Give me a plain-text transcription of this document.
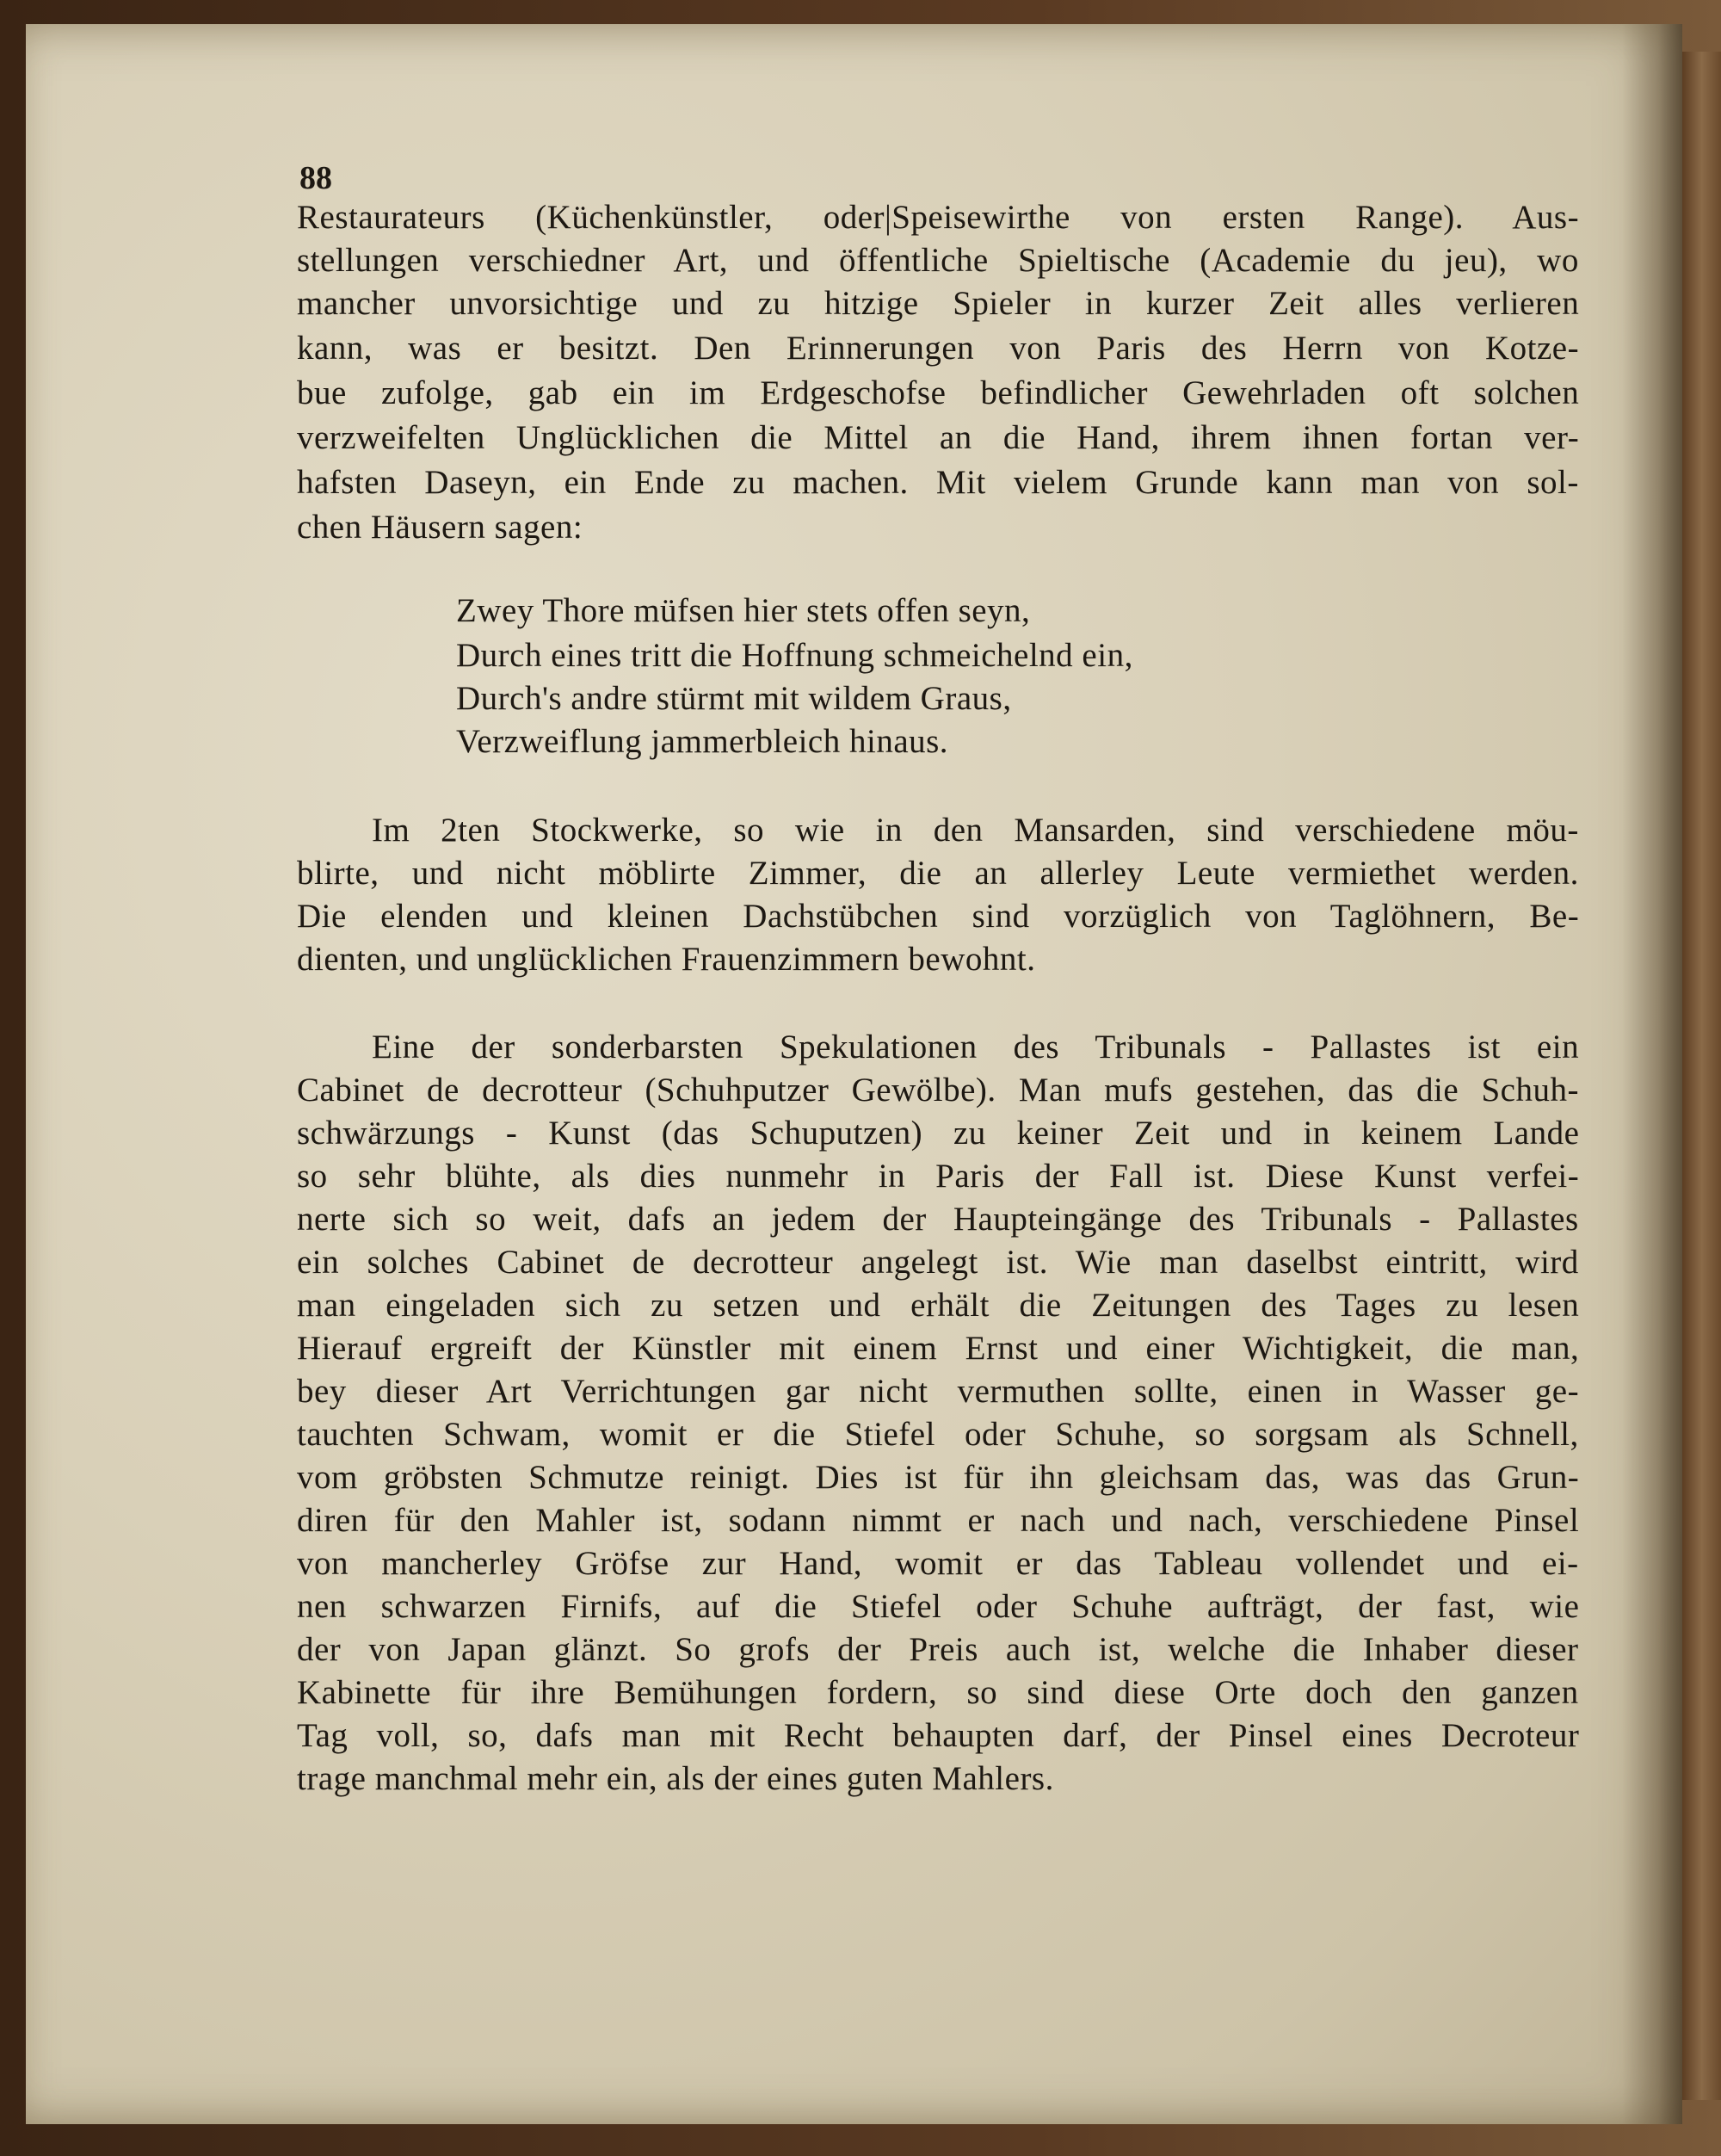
88
Restaurateurs (Küchenkünstler, oder|Speisewirthe von ersten Range). Aus-
stellungen verschiedner Art, und öffentliche Spieltische (Academie du jeu), wo
mancher unvorsichtige und zu hitzige Spieler in kurzer Zeit alles verlieren
kann, was er besitzt. Den Erinnerungen von Paris des Herrn von Kotze-
bue zufolge, gab ein im Erdgeschofse befindlicher Gewehrladen oft solchen
verzweifelten Unglücklichen die Mittel an die Hand, ihrem ihnen fortan ver-
hafsten Daseyn, ein Ende zu machen. Mit vielem Grunde kann man von sol-
chen Häusern sagen:
Zwey Thore müfsen hier stets offen seyn,
Durch eines tritt die Hoffnung schmeichelnd ein,
Durch's andre stürmt mit wildem Graus,
Verzweiflung jammerbleich hinaus.
Im 2ten Stockwerke, so wie in den Mansarden, sind verschiedene möu-
blirte, und nicht möblirte Zimmer, die an allerley Leute vermiethet werden.
Die elenden und kleinen Dachstübchen sind vorzüglich von Taglöhnern, Be-
dienten, und unglücklichen Frauenzimmern bewohnt.
Eine der sonderbarsten Spekulationen des Tribunals - Pallastes ist ein
Cabinet de decrotteur (Schuhputzer Gewölbe). Man mufs gestehen, das die Schuh-
schwärzungs - Kunst (das Schuputzen) zu keiner Zeit und in keinem Lande
so sehr blühte, als dies nunmehr in Paris der Fall ist. Diese Kunst verfei-
nerte sich so weit, dafs an jedem der Haupteingänge des Tribunals - Pallastes
ein solches Cabinet de decrotteur angelegt ist. Wie man daselbst eintritt, wird
man eingeladen sich zu setzen und erhält die Zeitungen des Tages zu lesen
Hierauf ergreift der Künstler mit einem Ernst und einer Wichtigkeit, die man,
bey dieser Art Verrichtungen gar nicht vermuthen sollte, einen in Wasser ge-
tauchten Schwam, womit er die Stiefel oder Schuhe, so sorgsam als Schnell,
vom gröbsten Schmutze reinigt. Dies ist für ihn gleichsam das, was das Grun-
diren für den Mahler ist, sodann nimmt er nach und nach, verschiedene Pinsel
von mancherley Gröfse zur Hand, womit er das Tableau vollendet und ei-
nen schwarzen Firnifs, auf die Stiefel oder Schuhe aufträgt, der fast, wie
der von Japan glänzt. So grofs der Preis auch ist, welche die Inhaber dieser
Kabinette für ihre Bemühungen fordern, so sind diese Orte doch den ganzen
Tag voll, so, dafs man mit Recht behaupten darf, der Pinsel eines Decroteur
trage manchmal mehr ein, als der eines guten Mahlers.
